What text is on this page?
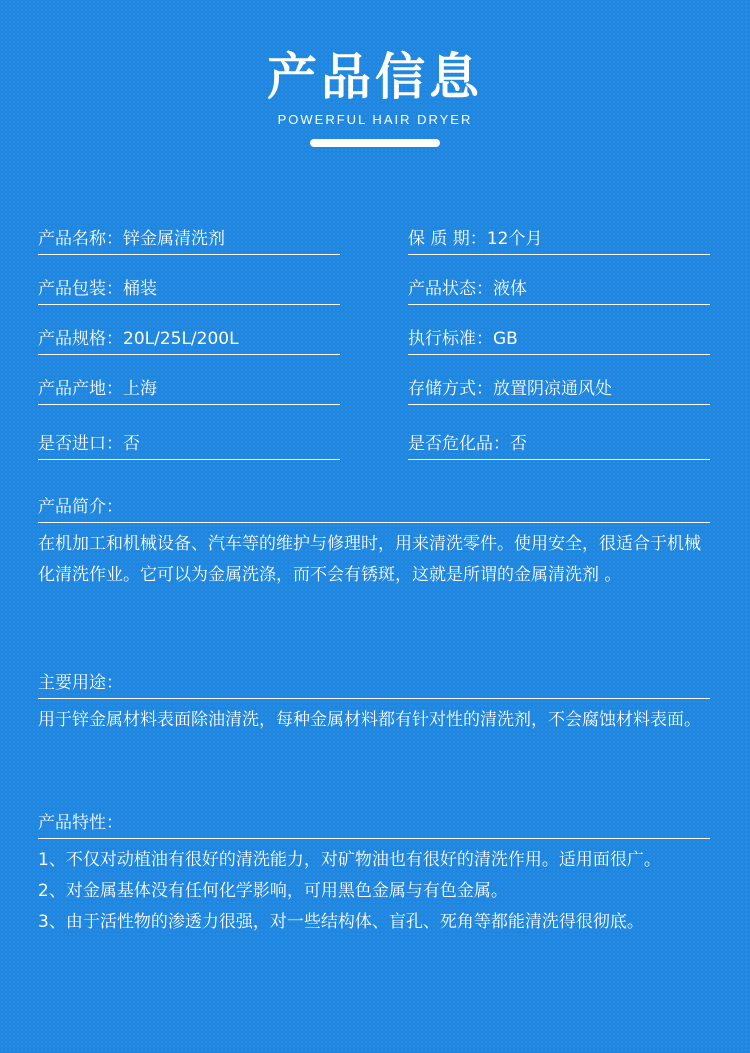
产品信息
POWERFUL HAIR DRYER
产品名称： 锌金属清洗剂	保 质 期： 12个月
产品包装： 桶装	产品状态： 液体
产品规格： 20L/25L/200L	执行标准： GB
产品产地： 上海	存储方式： 放置阴凉通风处
是否进口： 否	是否危化品： 否
产品简介：

在机加工和机械设备、汽车等的维护与修理时，用来清洗零件。使用安全，很适合于机械化清洗作业。它可以为金属洗涤，而不会有锈斑，这就是所谓的金属清洗剂 。

主要用途：

用于锌金属材料表面除油清洗，每种金属材料都有针对性的清洗剂，不会腐蚀材料表面。

产品特性：

1、不仅对动植油有很好的清洗能力，对矿物油也有很好的清洗作用。适用面很广。

2、对金属基体没有任何化学影响，可用黑色金属与有色金属。

3、由于活性物的渗透力很强，对一些结构体、盲孔、死角等都能清洗得很彻底。
